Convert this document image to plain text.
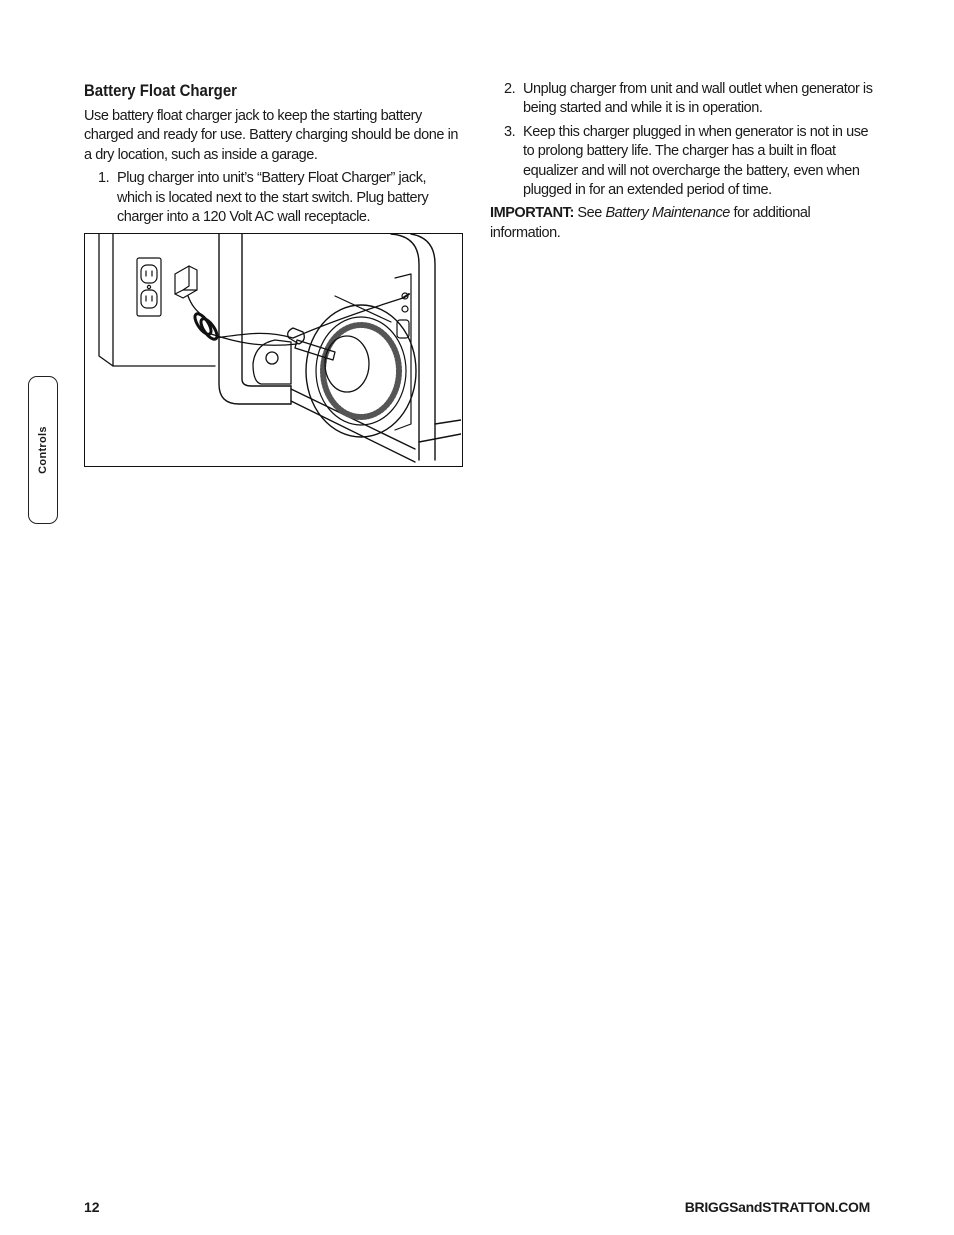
Controls
Battery Float Charger

Use battery float charger jack to keep the starting battery charged and ready for use. Battery charging should be done in a dry location, such as inside a garage.

1. Plug charger into unit’s “Battery Float Charger” jack, which is located next to the start switch. Plug battery charger into a 120 Volt AC wall receptacle.
2. Unplug charger from unit and wall outlet when generator is being started and while it is in operation.
3. Keep this charger plugged in when generator is not in use to prolong battery life. The charger has a built in float equalizer and will not overcharge the battery, even when plugged in for an extended period of time.

IMPORTANT: See Battery Maintenance for additional information.

12	BRIGGSandSTRATTON.COM
